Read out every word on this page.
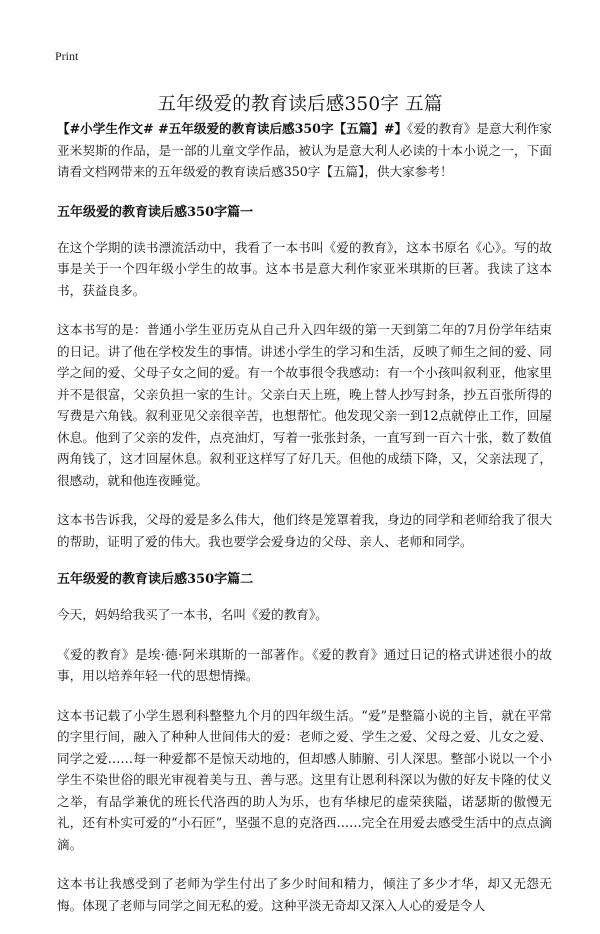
Print
五年级爱的教育读后感350字 五篇

【#小学生作文# #五年级爱的教育读后感350字【五篇】#】《爱的教育》是意大利作家亚米契斯的作品，是一部的儿童文学作品，被认为是意大利人必读的十本小说之一，下面请看文档网带来的五年级爱的教育读后感350字【五篇】，供大家参考！

五年级爱的教育读后感350字篇一

在这个学期的读书漂流活动中，我看了一本书叫《爱的教育》，这本书原名《心》。写的故事是关于一个四年级小学生的故事。这本书是意大利作家亚米琪斯的巨著。我读了这本书，获益良多。

这本书写的是：普通小学生亚历克从自己升入四年级的第一天到第二年的7月份学年结束的日记。讲了他在学校发生的事情。讲述小学生的学习和生活，反映了师生之间的爱、同学之间的爱、父母子女之间的爱。有一个故事很令我感动：有一个小孩叫叙利亚，他家里并不是很富，父亲负担一家的生计。父亲白天上班，晚上替人抄写封条，抄五百张所得的写费是六角钱。叙利亚见父亲很辛苦，也想帮忙。他发现父亲一到12点就停止工作，回屋休息。他到了父亲的发件，点亮油灯，写着一张张封条，一直写到一百六十张，数了数值两角钱了，这才回屋休息。叙利亚这样写了好几天。但他的成绩下降，又，父亲法现了，很感动，就和他连夜睡觉。

这本书告诉我，父母的爱是多么伟大，他们终是笼罩着我，身边的同学和老师给我了很大的帮助，证明了爱的伟大。我也要学会爱身边的父母、亲人、老师和同学。

五年级爱的教育读后感350字篇二

今天，妈妈给我买了一本书，名叫《爱的教育》。

《爱的教育》是埃·德·阿米琪斯的一部著作。《爱的教育》通过日记的格式讲述很小的故事，用以培养年轻一代的思想情操。

这本书记载了小学生恩利科整整九个月的四年级生活。“爱”是整篇小说的主旨，就在平常的字里行间，融入了种种人世间伟大的爱：老师之爱、学生之爱、父母之爱、儿女之爱、同学之爱……每一种爱都不是惊天动地的，但却感人肺腑、引人深思。整部小说以一个小学生不染世俗的眼光审视着美与丑、善与恶。这里有让恩利科深以为傲的好友卡隆的仗义之举，有品学兼优的班长代洛西的助人为乐，也有华棣尼的虚荣狭隘，诺瑟斯的傲慢无礼，还有朴实可爱的“小石匠”，坚强不息的克洛西……完全在用爱去感受生活中的点点滴滴。

这本书让我感受到了老师为学生付出了多少时间和精力，倾注了多少才华，却又无怨无悔。体现了老师与同学之间无私的爱。这种平淡无奇却又深入人心的爱是令人
